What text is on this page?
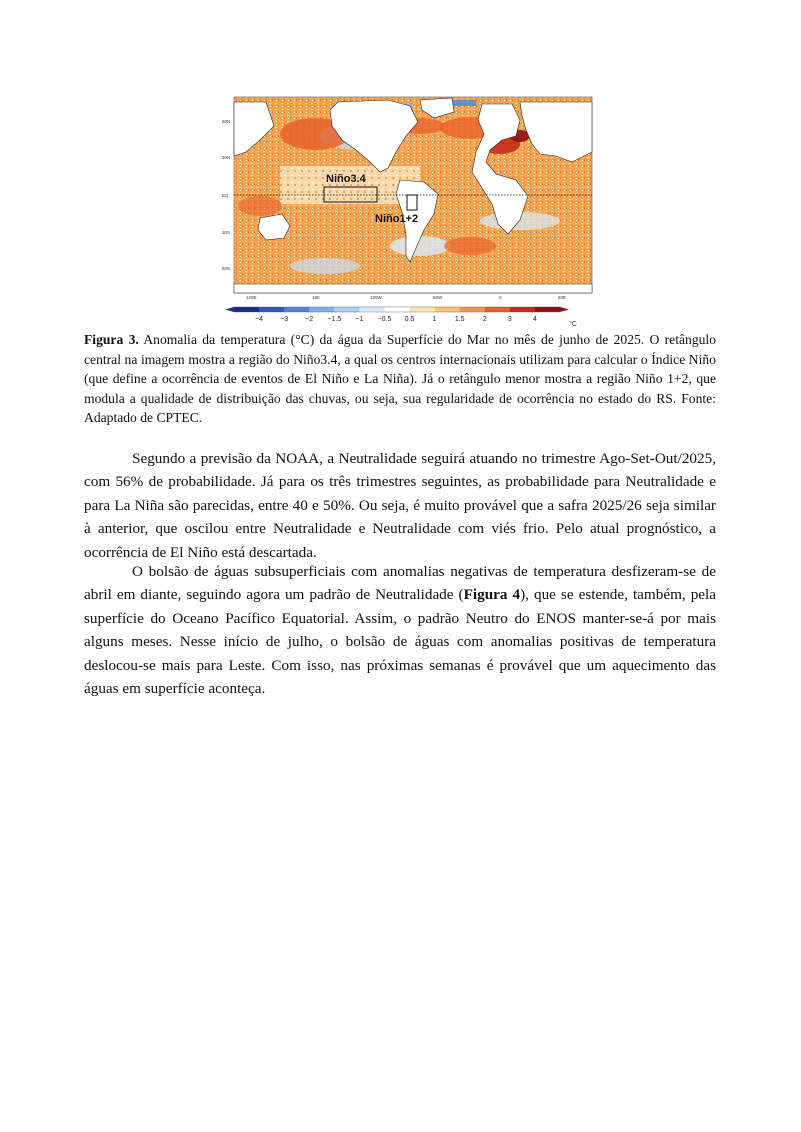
Niño3.4
Niño1+2
60N
30N
EQ
30S
60S
120E	180	120W	60W	0	60E
−4 −3 −2 −1.5 −1 −0.5 0.5	1	1.5	2	3	4
°C

Figura 3. Anomalia da temperatura (°C) da água da Superfície do Mar no mês de junho de 2025. O retângulo central na imagem mostra a região do Niño3.4, a qual os centros internacionais utilizam para calcular o Índice Niño (que define a ocorrência de eventos de El Niño e La Niña). Já o retângulo menor mostra a região Niño 1+2, que modula a qualidade de distribuição das chuvas, ou seja, sua regularidade de ocorrência no estado do RS. Fonte: Adaptado de CPTEC.

Segundo a previsão da NOAA, a Neutralidade seguirá atuando no trimestre Ago-Set-Out/2025, com 56% de probabilidade. Já para os três trimestres seguintes, as probabilidade para Neutralidade e para La Niña são parecidas, entre 40 e 50%. Ou seja, é muito provável que a safra 2025/26 seja similar à anterior, que oscilou entre Neutralidade e Neutralidade com viés frio. Pelo atual prognóstico, a ocorrência de El Niño está descartada.

O bolsão de águas subsuperficiais com anomalias negativas de temperatura desfizeram-se de abril em diante, seguindo agora um padrão de Neutralidade (Figura 4), que se estende, também, pela superfície do Oceano Pacífico Equatorial. Assim, o padrão Neutro do ENOS manter-se-á por mais alguns meses. Nesse início de julho, o bolsão de águas com anomalias positivas de temperatura deslocou-se mais para Leste. Com isso, nas próximas semanas é provável que um aquecimento das águas em superfície aconteça.
